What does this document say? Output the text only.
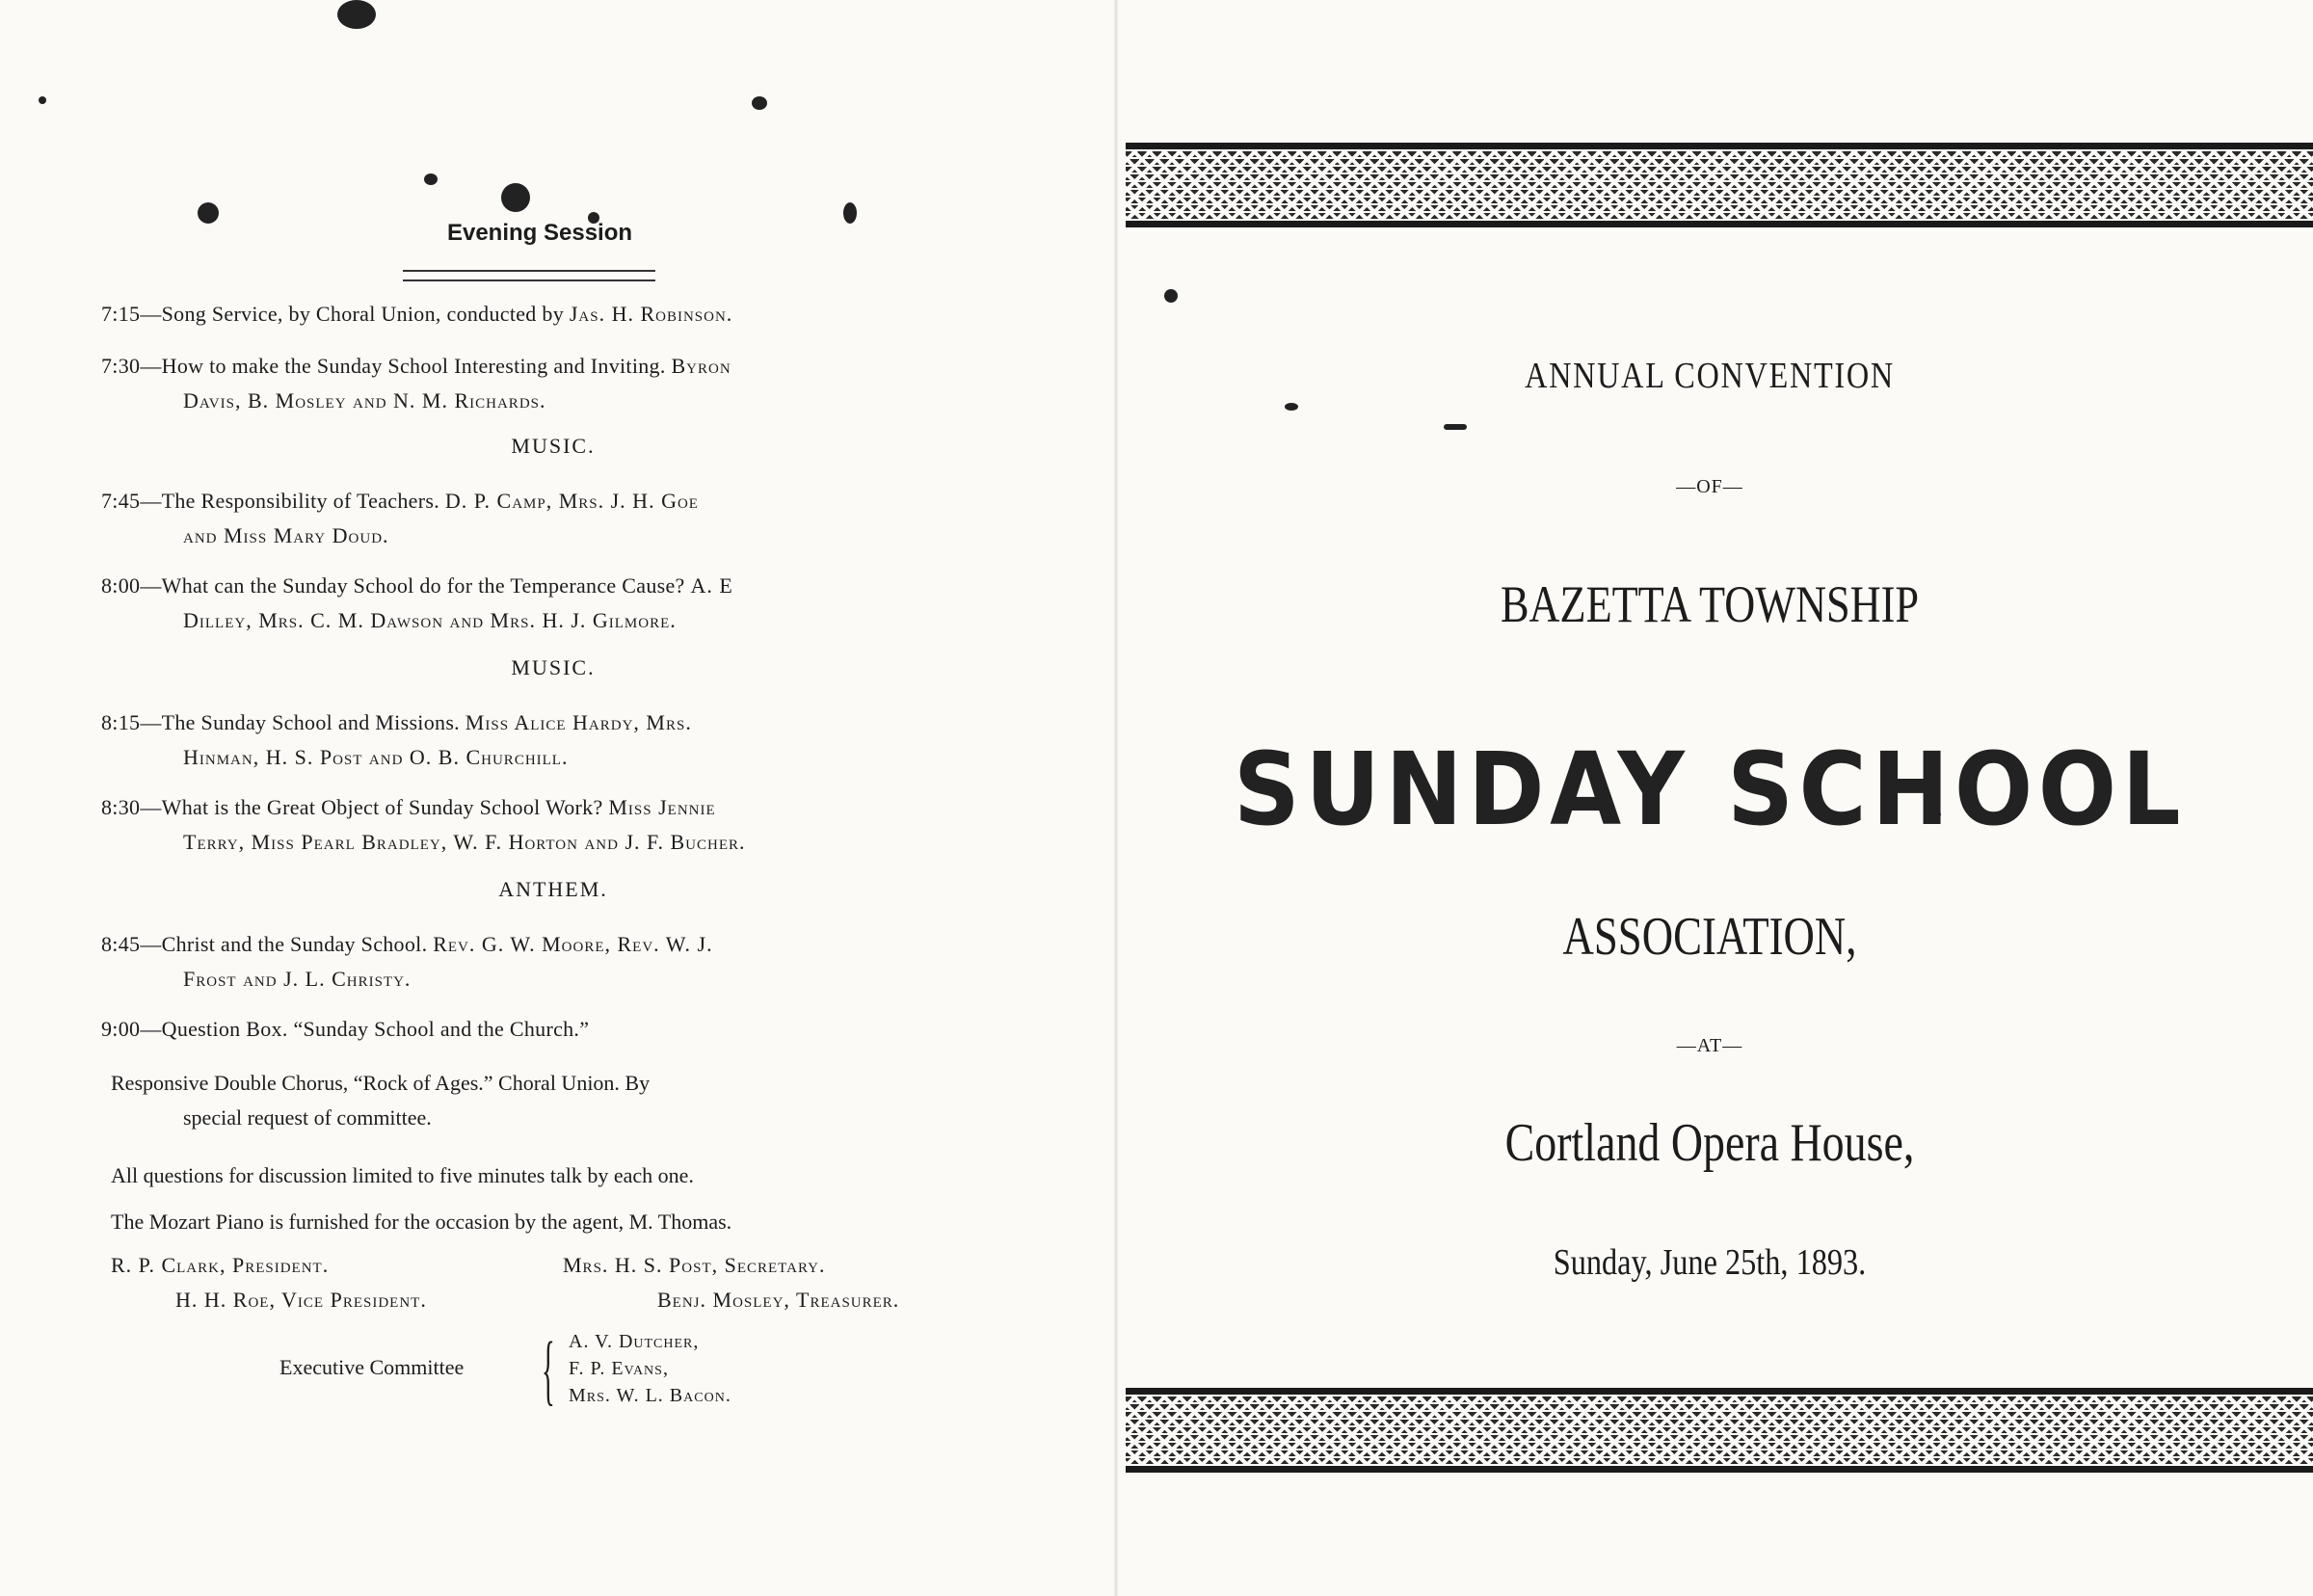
Evening Session
7:15—Song Service, by Choral Union, conducted by Jas. H. Robinson.
7:30—How to make the Sunday School Interesting and Inviting. Byron
Davis, B. Mosley and N. M. Richards.
MUSIC.
7:45—The Responsibility of Teachers. D. P. Camp, Mrs. J. H. Goe
and Miss Mary Doud.
8:00—What can the Sunday School do for the Temperance Cause? A. E
Dilley, Mrs. C. M. Dawson and Mrs. H. J. Gilmore.
MUSIC.
8:15—The Sunday School and Missions. Miss Alice Hardy, Mrs.
Hinman, H. S. Post and O. B. Churchill.
8:30—What is the Great Object of Sunday School Work? Miss Jennie
Terry, Miss Pearl Bradley, W. F. Horton and J. F. Bucher.
ANTHEM.
8:45—Christ and the Sunday School. Rev. G. W. Moore, Rev. W. J.
Frost and J. L. Christy.
9:00—Question Box. “Sunday School and the Church.”
Responsive Double Chorus, “Rock of Ages.” Choral Union. By
special request of committee.
All questions for discussion limited to five minutes talk by each one.
The Mozart Piano is furnished for the occasion by the agent, M. Thomas.
R. P. Clark, President.	Mrs. H. S. Post, Secretary.
H. H. Roe, Vice President.	Benj. Mosley, Treasurer.
Executive Committee { A. V. Dutcher,
F. P. Evans,
Mrs. W. L. Bacon.
ANNUAL CONVENTION
—OF—
BAZETTA TOWNSHIP
SUNDAY SCHOOL
ASSOCIATION,
—AT—
Cortland Opera House,
Sunday, June 25th, 1893.
